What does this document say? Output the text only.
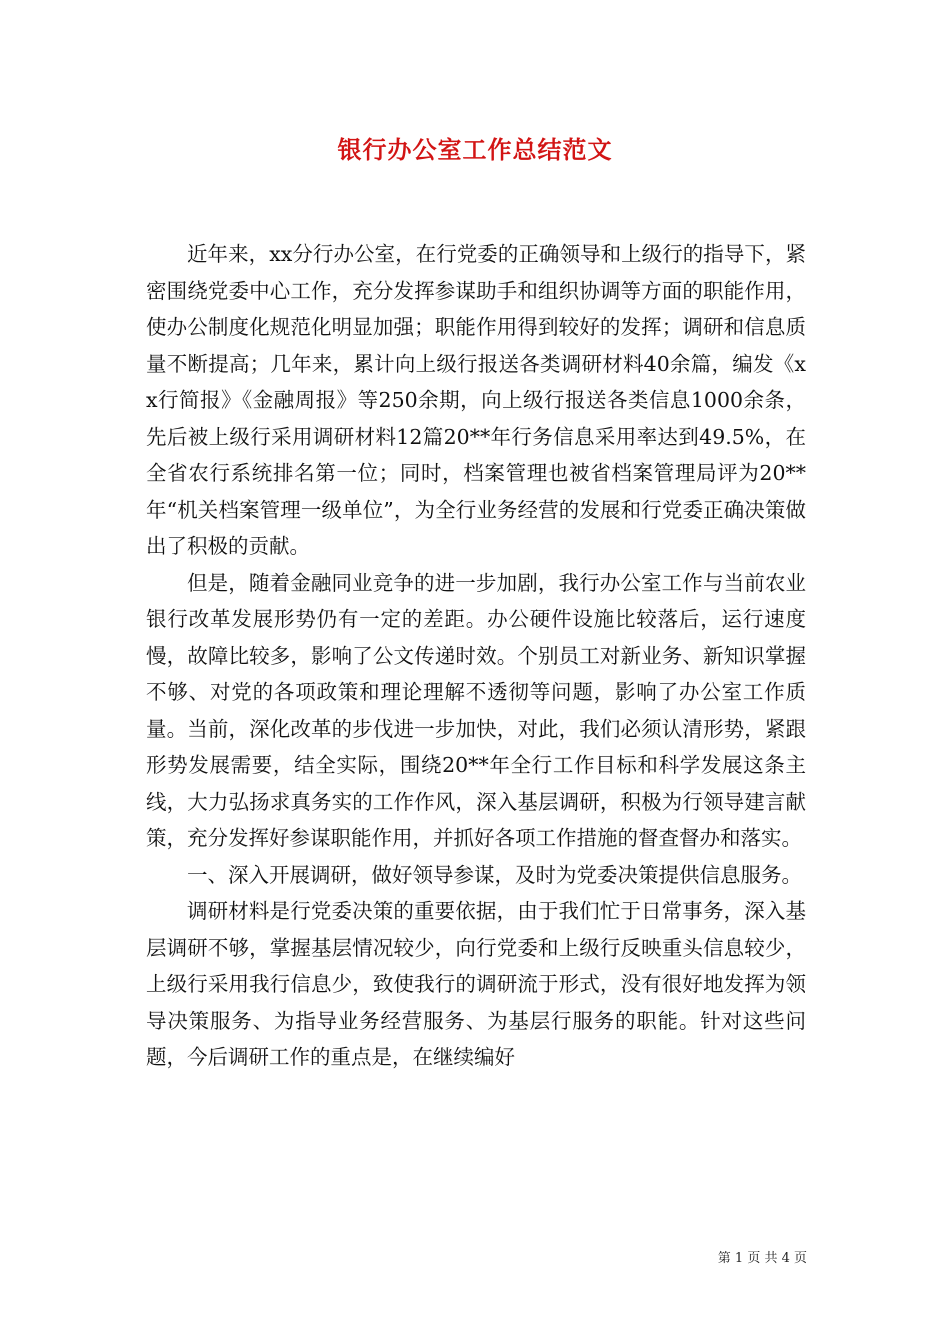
银行办公室工作总结范文

近年来，xx分行办公室，在行党委的正确领导和上级行的指导下，紧密围绕党委中心工作，充分发挥参谋助手和组织协调等方面的职能作用，使办公制度化规范化明显加强；职能作用得到较好的发挥；调研和信息质量不断提高；几年来，累计向上级行报送各类调研材料40余篇，编发《xx行简报》《金融周报》等250余期，向上级行报送各类信息1000余条，先后被上级行采用调研材料12篇20**年行务信息采用率达到49.5%，在全省农行系统排名第一位；同时，档案管理也被省档案管理局评为20**年“机关档案管理一级单位”，为全行业务经营的发展和行党委正确决策做出了积极的贡献。

但是，随着金融同业竞争的进一步加剧，我行办公室工作与当前农业银行改革发展形势仍有一定的差距。办公硬件设施比较落后，运行速度慢，故障比较多，影响了公文传递时效。个别员工对新业务、新知识掌握不够、对党的各项政策和理论理解不透彻等问题，影响了办公室工作质量。当前，深化改革的步伐进一步加快，对此，我们必须认清形势，紧跟形势发展需要，结全实际，围绕20**年全行工作目标和科学发展这条主线，大力弘扬求真务实的工作作风，深入基层调研，积极为行领导建言献策，充分发挥好参谋职能作用，并抓好各项工作措施的督查督办和落实。

一、深入开展调研，做好领导参谋，及时为党委决策提供信息服务。

调研材料是行党委决策的重要依据，由于我们忙于日常事务，深入基层调研不够，掌握基层情况较少，向行党委和上级行反映重头信息较少，上级行采用我行信息少，致使我行的调研流于形式，没有很好地发挥为领导决策服务、为指导业务经营服务、为基层行服务的职能。针对这些问题，今后调研工作的重点是，在继续编好

第 1 页 共 4 页
